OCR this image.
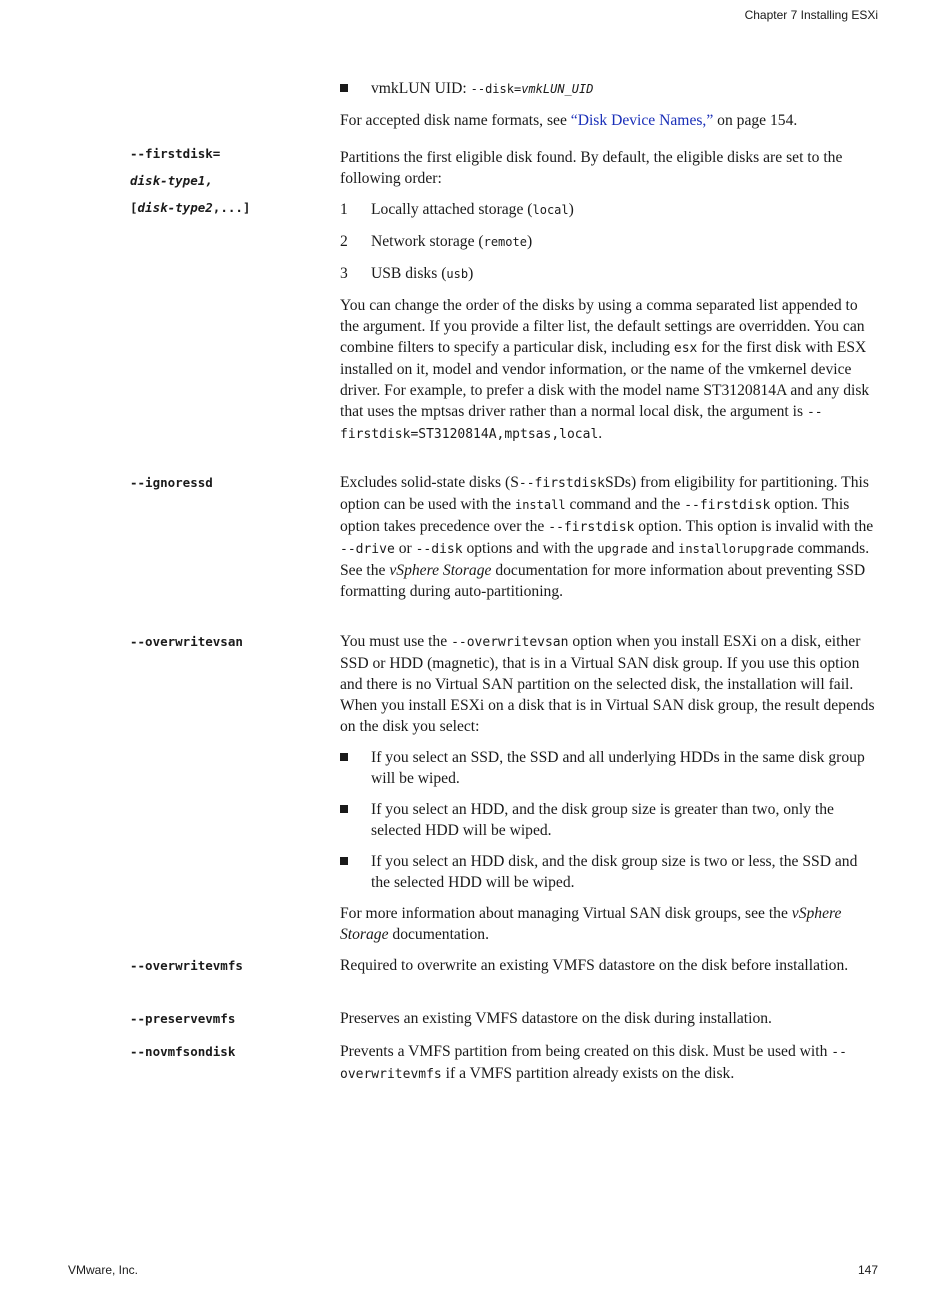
Chapter 7 Installing ESXi
vmkLUN UID: --disk=vmkLUN_UID

For accepted disk name formats, see “Disk Device Names,” on page 154.

--firstdisk=
disk-type1,
[disk-type2,...]

Partitions the first eligible disk found. By default, the eligible disks are set to the following order:

1 Locally attached storage (local)
2 Network storage (remote)
3 USB disks (usb)

You can change the order of the disks by using a comma separated list appended to the argument. If you provide a filter list, the default settings are overridden. You can combine filters to specify a particular disk, including esx for the first disk with ESX installed on it, model and vendor information, or the name of the vmkernel device driver. For example, to prefer a disk with the model name ST3120814A and any disk that uses the mptsas driver rather than a normal local disk, the argument is --firstdisk=ST3120814A,mptsas,local.

--ignoressd	Excludes solid-state disks (S--firstdiskSDs) from eligibility for partitioning. This option can be used with the install command and the --firstdisk option. This option takes precedence over the --firstdisk option. This option is invalid with the --drive or --disk options and with the upgrade and installorupgrade commands. See the vSphere Storage documentation for more information about preventing SSD formatting during auto-partitioning.

--overwritevsan	You must use the --overwritevsan option when you install ESXi on a disk, either SSD or HDD (magnetic), that is in a Virtual SAN disk group. If you use this option and there is no Virtual SAN partition on the selected disk, the installation will fail. When you install ESXi on a disk that is in Virtual SAN disk group, the result depends on the disk you select:

If you select an SSD, the SSD and all underlying HDDs in the same disk group will be wiped.
If you select an HDD, and the disk group size is greater than two, only the selected HDD will be wiped.
If you select an HDD disk, and the disk group size is two or less, the SSD and the selected HDD will be wiped.

For more information about managing Virtual SAN disk groups, see the vSphere Storage documentation.

--overwritevmfs	Required to overwrite an existing VMFS datastore on the disk before installation.
--preservevmfs	Preserves an existing VMFS datastore on the disk during installation.
--novmfsondisk	Prevents a VMFS partition from being created on this disk. Must be used with --overwritevmfs if a VMFS partition already exists on the disk.

VMware, Inc.	147
